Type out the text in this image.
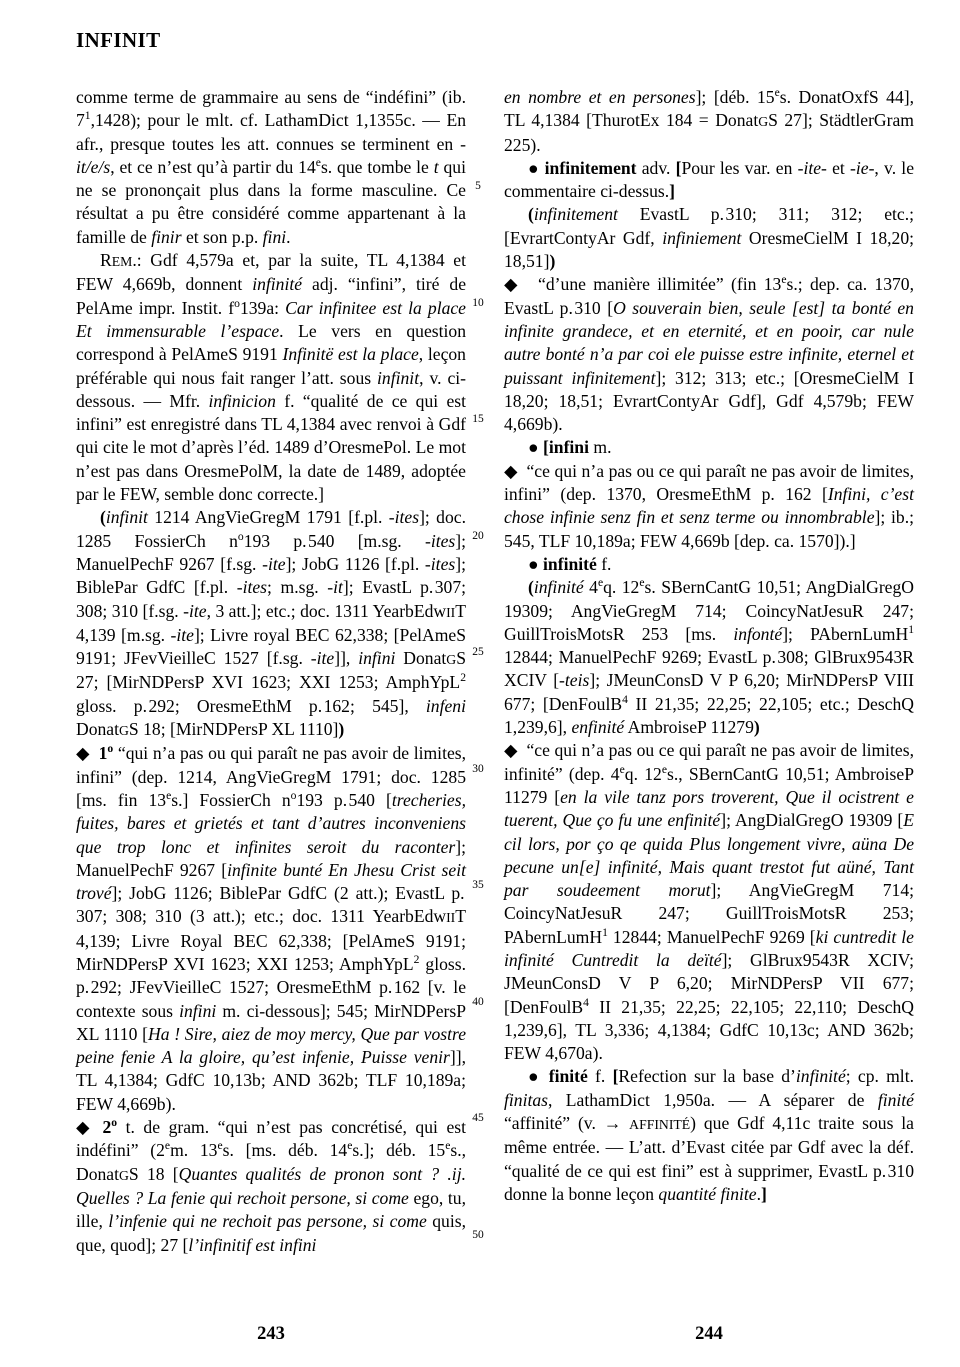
INFINIT

comme terme de grammaire au sens de “indéfini” (ib. $7^1,1428$); pour le mlt. cf. LathamDict 1,1355c. — En afr., presque toutes les att. connues se terminent en -it/e/s, et ce n’est qu’à partir du 14es. que tombe le t qui ne se prononçait plus dans la forme masculine. Ce résultat a pu être considéré comme appartenant à la famille de finir et son p.p. fini.

REM.: Gdf 4,579a et, par la suite, TL 4,1384 et FEW 4,669b, donnent infinité adj. “infini”, tiré de PelAme impr. Instit. $f^o139a$: Car infinitee est la place Et immensurable l’espace. Le vers en question correspond à PelAmeS 9191 Infinitë est la place, leçon préférable qui nous fait ranger l’att. sous infinit, v. ci-dessous. — Mfr. infinicion f. “qualité de ce qui est infini” est enregistré dans TL 4,1384 avec renvoi à Gdf qui cite le mot d’après l’éd. 1489 d’OresmePol. Le mot n’est pas dans OresmePolM, la date de 1489, adoptée par le FEW, semble donc correcte.]

(infinit 1214 AngVieGregM 1791 [f.pl. -ites]; doc. 1285 FossierCh $n^o193$ p. 540 [m.sg. -ites]; ManuelPechF 9267 [f.sg. -ite]; JobG 1126 [f.pl. -ites]; BiblePar GdfC [f.pl. -ites; m.sg. -it]; EvastL p. 307; 308; 310 [f.sg. -ite, 3 att.]; etc.; doc. 1311 YearbEdwIIT 4,139 [m.sg. -ite]; Livre royal BEC 62,338; [PelAmeS 9191; JFevVieilleC 1527 [f.sg. -ite]], infini DonatGS 27; [MirNDPersP XVI 1623; XXI 1253; AmphYpL$^2$ gloss. p. 292; OresmeEthM p. 162; 545], infeni DonatGS 18; [MirNDPersP XL 1110])

◆ 1$^o$ “qui n’a pas ou qui paraît ne pas avoir de limites, infini” (dep. 1214, AngVieGregM 1791; doc. 1285 [ms. fin 13es.] FossierCh $n^o193$ p. 540 [trecheries, fuites, bares et grietés et tant d’autres inconveniens que trop lonc et infinites seroit du raconter]; ManuelPechF 9267 [infinite bunté En Jhesu Crist seit trové]; JobG 1126; BiblePar GdfC (2 att.); EvastL p. 307; 308; 310 (3 att.); etc.; doc. 1311 YearbEdwIIT 4,139; Livre Royal BEC 62,338; [PelAmeS 9191; MirNDPersP XVI 1623; XXI 1253; AmphYpL$^2$ gloss. p. 292; JFevVieilleC 1527; OresmeEthM p. 162 [v. le contexte sous infini m. ci-dessous]; 545; MirNDPersP XL 1110 [Ha ! Sire, aiez de moy mercy, Que par vostre peine fenie A la gloire, qu’est infenie, Puisse venir]], TL 4,1384; GdfC 10,13b; AND 362b; TLF 10,189a; FEW 4,669b).

◆ 2$^o$ t. de gram. “qui n’est pas concrétisé, qui est indéfini” (2em. 13es. [ms. déb. 14es.]; déb. 15es., DonatGS 18 [Quantes qualités de pronon sont ? .ij. Quelles ? La fenie qui rechoit persone, si come ego, tu, ille, l’infenie qui ne rechoit pas persone, si come quis, que, quod]; 27 [l’infinitif est infini

5
10
15
20
25
30
35
40
45
50

en nombre et en persones]; [déb. 15es. DonatOxfS 44], TL 4,1384 [ThurotEx 184 = DonatGS 27]; StädtlerGram 225).

● infinitement adv. [Pour les var. en -ite- et -ie-, v. le commentaire ci-dessus.]

(infinitement EvastL p. 310; 311; 312; etc.; [EvrartContyAr Gdf, infiniement OresmeCielM I 18,20; 18,51])

◆ “d’une manière illimitée” (fin 13es.; dep. ca. 1370, EvastL p. 310 [O souverain bien, seule [est] ta bonté en infinite grandece, et en eternité, et en pooir, car nule autre bonté n’a par coi ele puisse estre infinite, eternel et puissant infinitement]; 312; 313; etc.; [OresmeCielM I 18,20; 18,51; EvrartContyAr Gdf], Gdf 4,579b; FEW 4,669b).

● [infini m.

◆ “ce qui n’a pas ou ce qui paraît ne pas avoir de limites, infini” (dep. 1370, OresmeEthM p. 162 [Infini, c’est chose infinie senz fin et senz terme ou innombrable]; ib.; 545, TLF 10,189a; FEW 4,669b [dep. ca. 1570]).]

● infinité f.

(infinité 4eq. 12es. SBernCantG 10,51; AngDialGregO 19309; AngVieGregM 714; CoincyNatJesuR 247; GuillTroisMotsR 253 [ms. infonté]; PAbernLumH$^1$ 12844; ManuelPechF 9269; EvastL p. 308; GlBrux9543R XCIV [-teis]; JMeunConsD V P 6,20; MirNDPersP VIII 677; [DenFoulB$^4$ II 21,35; 22,25; 22,105; etc.; DeschQ 1,239,6], enfinité AmbroiseP 11279)

◆ “ce qui n’a pas ou ce qui paraît ne pas avoir de limites, infinité” (dep. 4eq. 12es., SBernCantG 10,51; AmbroiseP 11279 [en la vile tanz pors troverent, Que il ocistrent e tuerent, Que ço fu une enfinité]; AngDialGregO 19309 [E cil lors, por ço qe quida Plus longement vivre, aüna De pecune un[e] infinité, Mais quant trestot fut aüné, Tant par soudeement morut]; AngVieGregM 714; CoincyNatJesuR 247; GuillTroisMotsR 253; PAbernLumH$^1$ 12844; ManuelPechF 9269 [ki cuntredit le infinité Cuntredit la deïté]; GlBrux9543R XCIV; JMeunConsD V P 6,20; MirNDPersP VII 677; [DenFoulB$^4$ II 21,35; 22,25; 22,105; 22,110; DeschQ 1,239,6], TL 3,336; 4,1384; GdfC 10,13c; AND 362b; FEW 4,670a).

● finité f. [Refection sur la base d’infinité; cp. mlt. finitas, LathamDict 1,950a. — A séparer de finité “affinité” (v. → AFFINITÉ) que Gdf 4,11c traite sous la même entrée. — L’att. d’Evast citée par Gdf avec la déf. “qualité de ce qui est fini” est à supprimer, EvastL p. 310 donne la bonne leçon quantité finite.]

243	244
